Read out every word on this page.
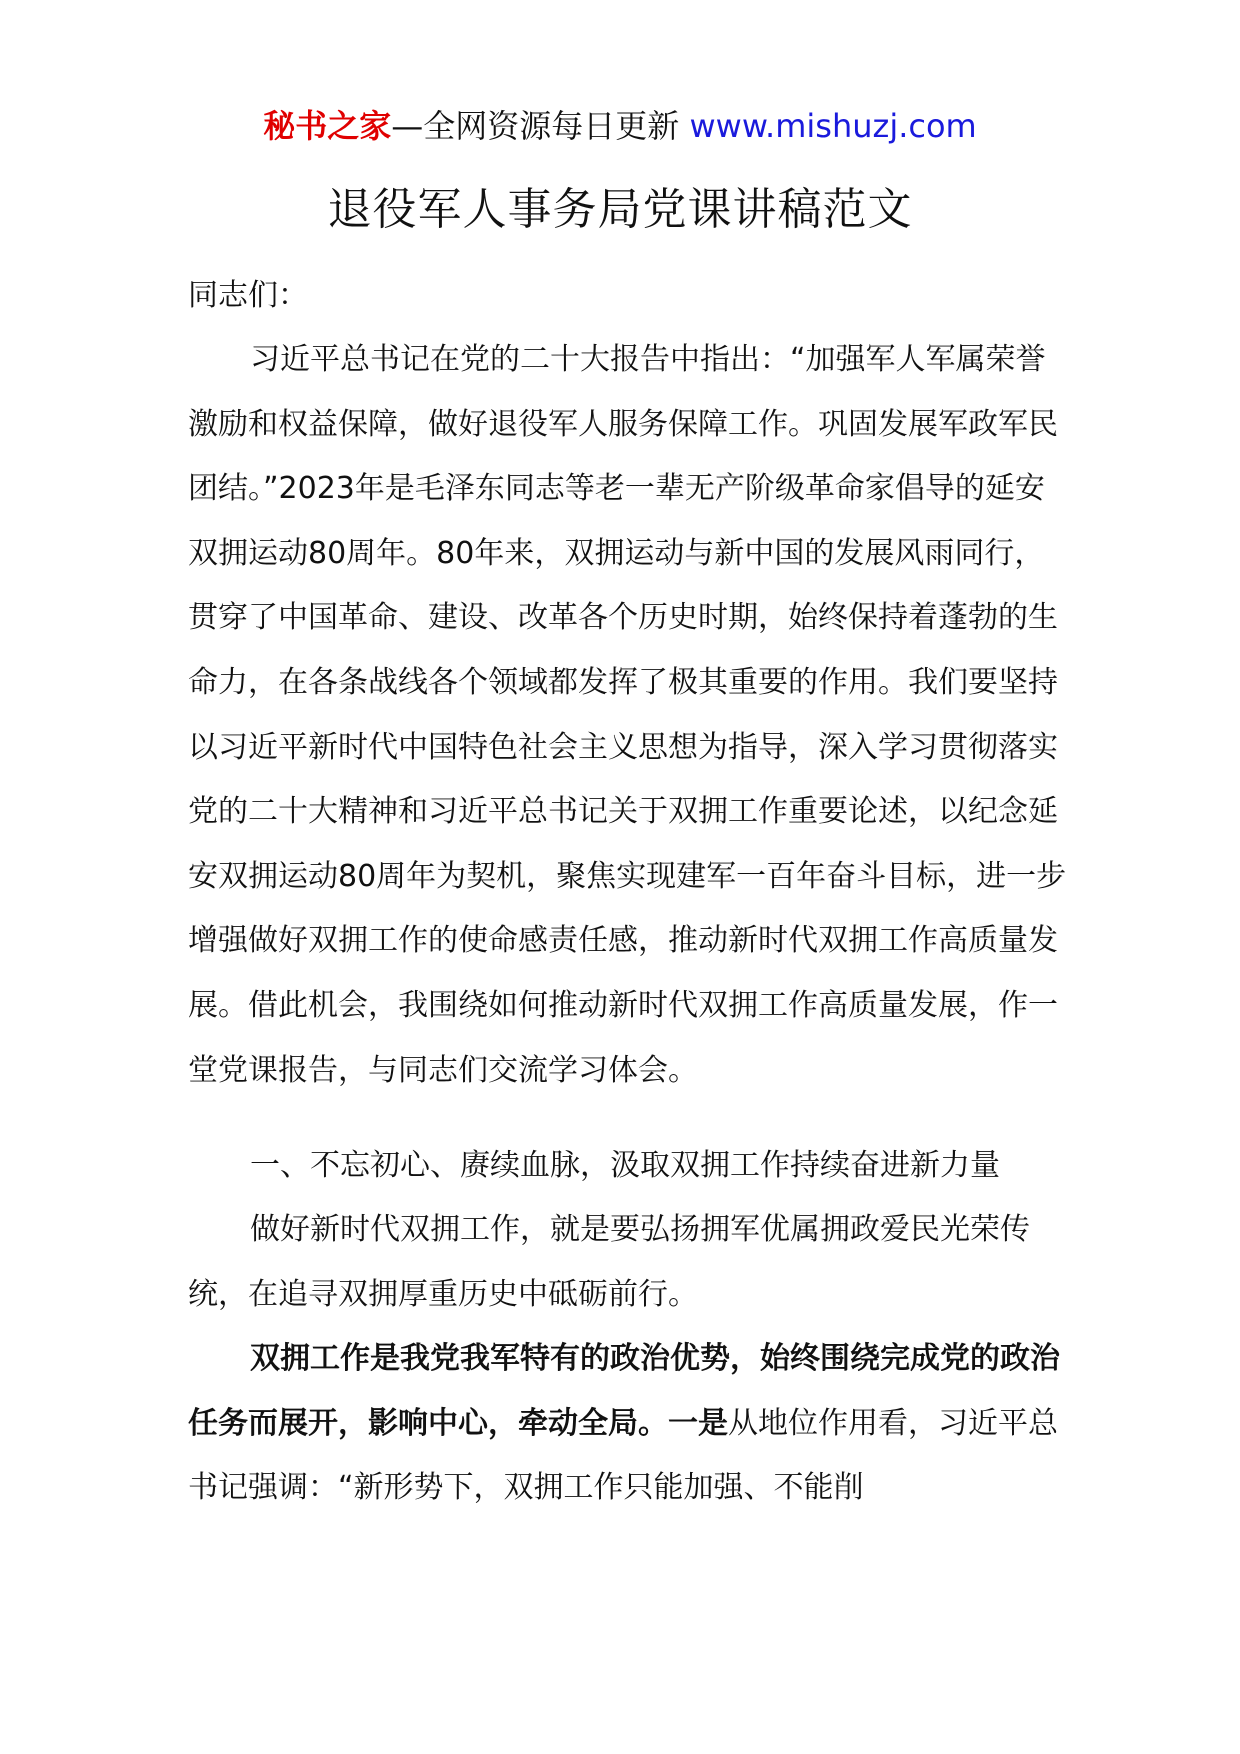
秘书之家—全网资源每日更新 www.mishuzj.com
退役军人事务局党课讲稿范文
同志们：
习近平总书记在党的二十大报告中指出：“加强军人军属荣誉激励和权益保障，做好退役军人服务保障工作。巩固发展军政军民团结。”2023年是毛泽东同志等老一辈无产阶级革命家倡导的延安双拥运动80周年。80年来，双拥运动与新中国的发展风雨同行，贯穿了中国革命、建设、改革各个历史时期，始终保持着蓬勃的生命力，在各条战线各个领域都发挥了极其重要的作用。我们要坚持以习近平新时代中国特色社会主义思想为指导，深入学习贯彻落实党的二十大精神和习近平总书记关于双拥工作重要论述，以纪念延安双拥运动80周年为契机，聚焦实现建军一百年奋斗目标，进一步增强做好双拥工作的使命感责任感，推动新时代双拥工作高质量发展。借此机会，我围绕如何推动新时代双拥工作高质量发展，作一堂党课报告，与同志们交流学习体会。
一、不忘初心、赓续血脉，汲取双拥工作持续奋进新力量
做好新时代双拥工作，就是要弘扬拥军优属拥政爱民光荣传统，在追寻双拥厚重历史中砥砺前行。
双拥工作是我党我军特有的政治优势，始终围绕完成党的政治任务而展开，影响中心，牵动全局。一是从地位作用看，习近平总书记强调：“新形势下，双拥工作只能加强、不能削
